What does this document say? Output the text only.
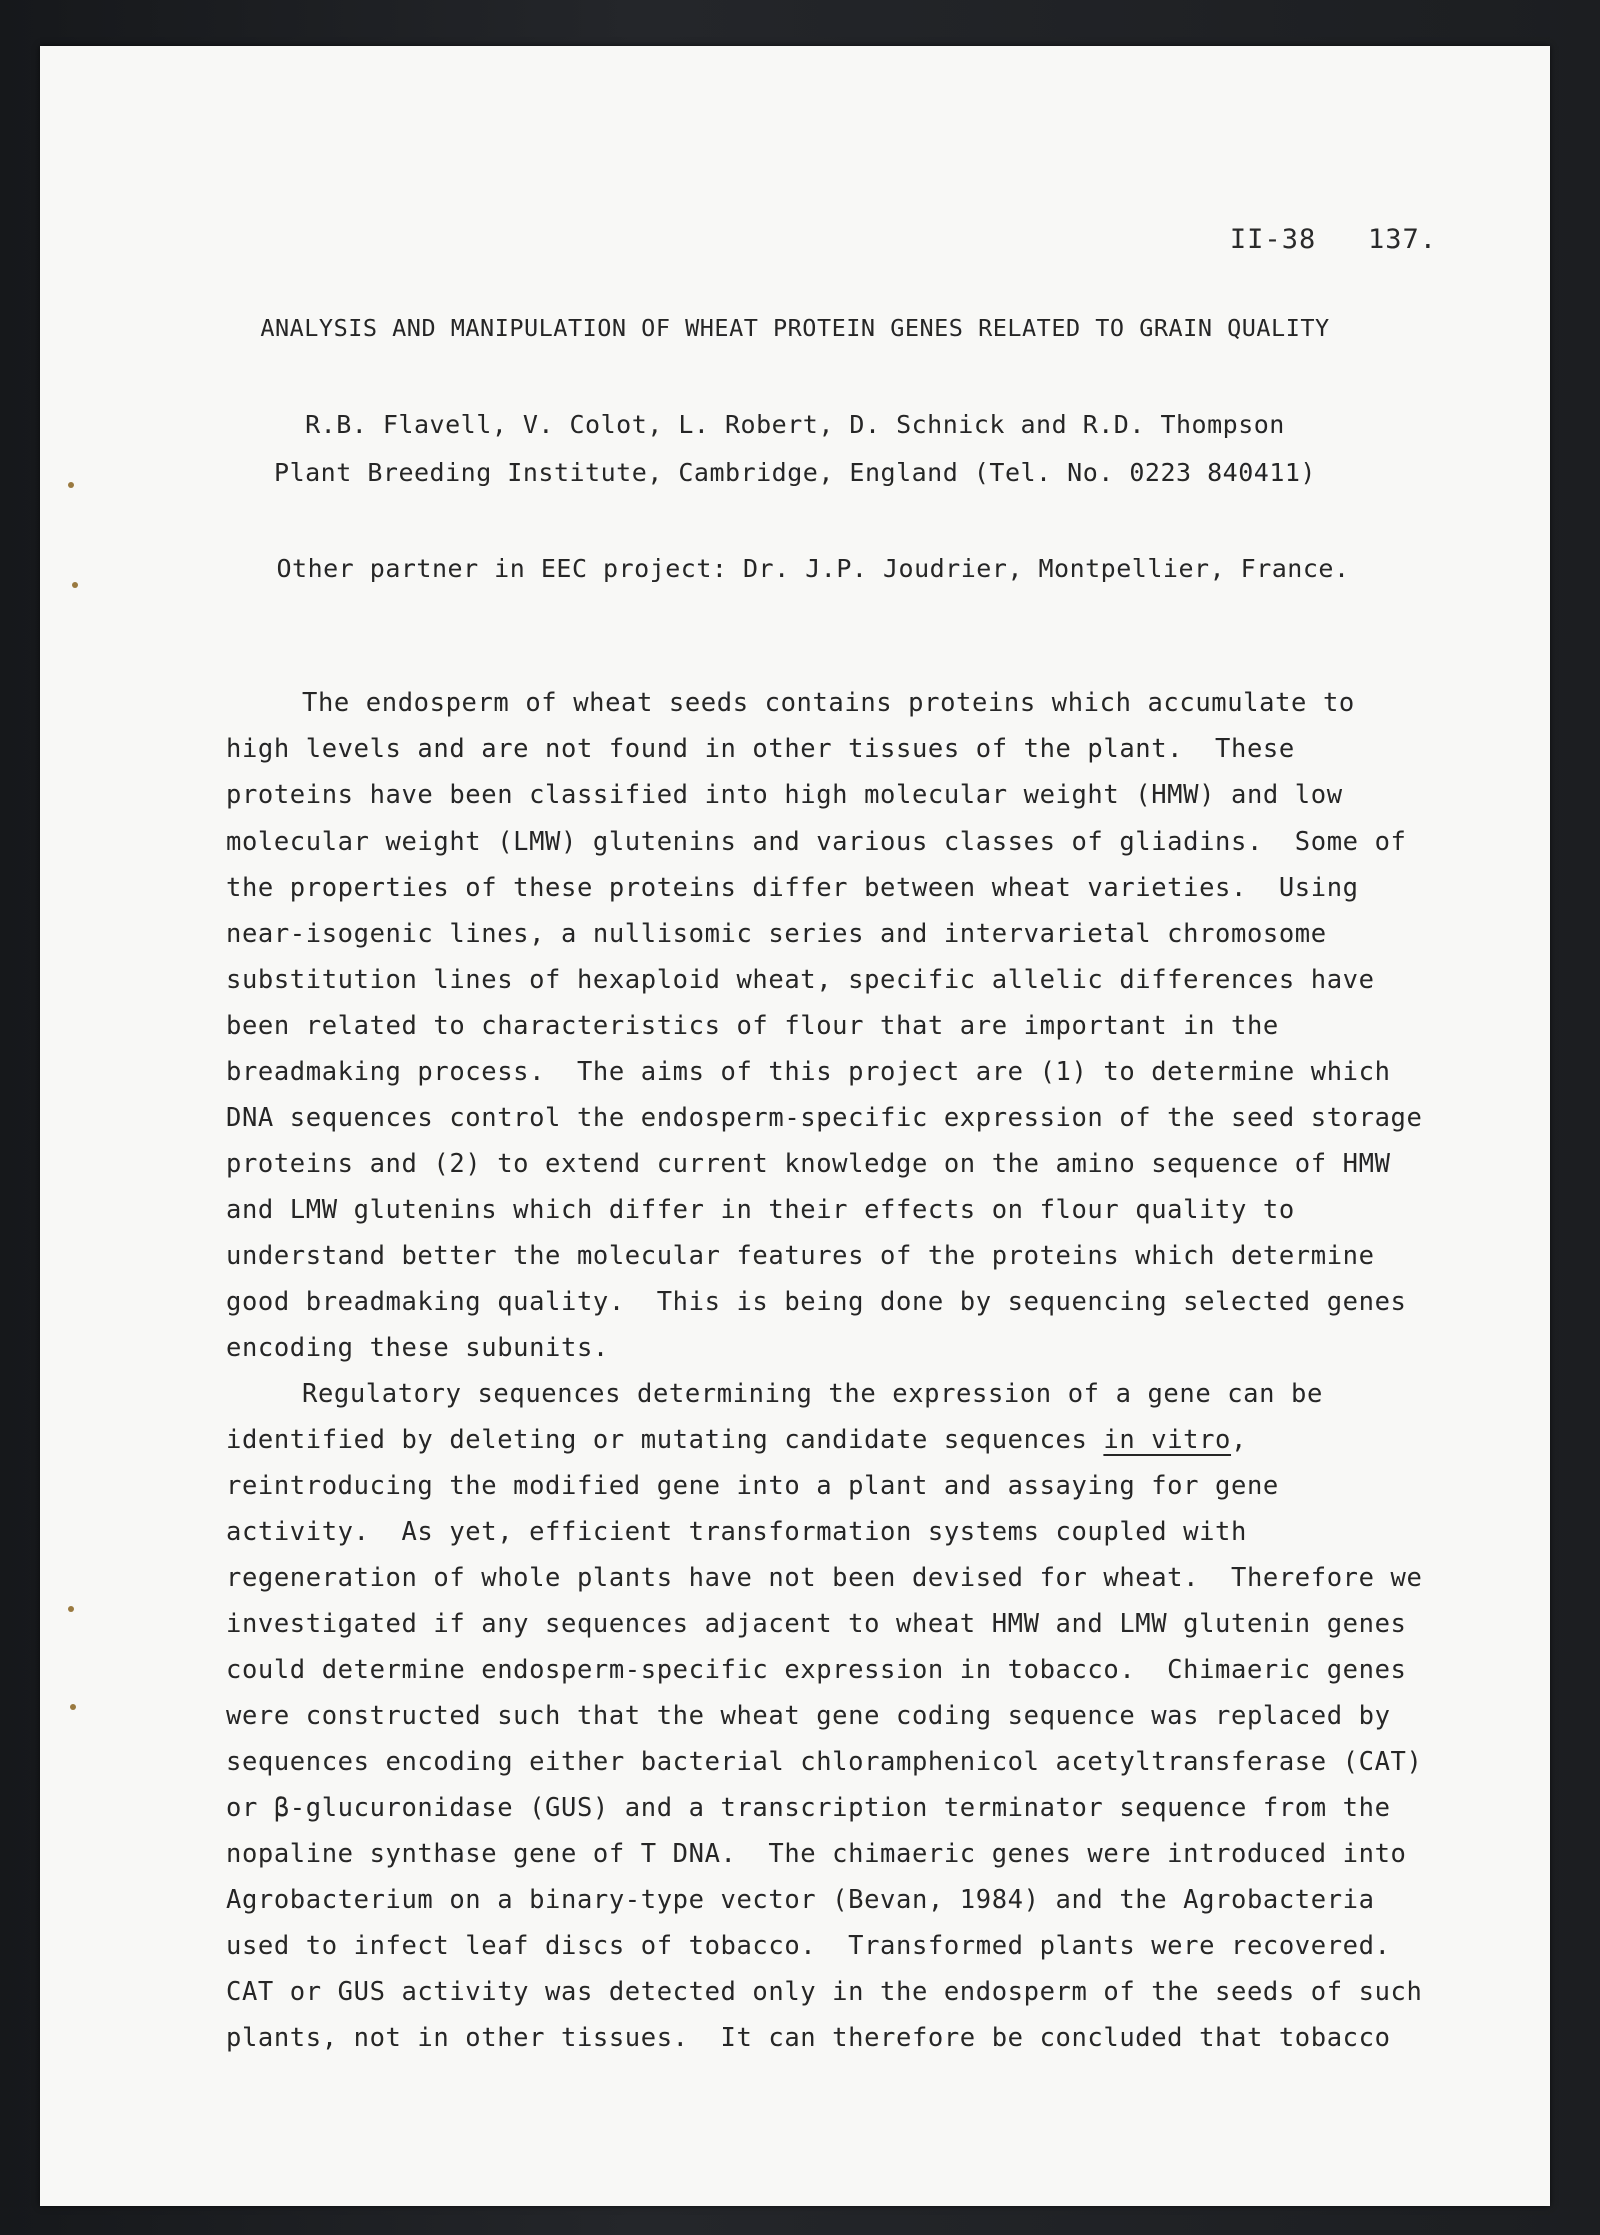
II-38   137.
ANALYSIS AND MANIPULATION OF WHEAT PROTEIN GENES RELATED TO GRAIN QUALITY
R.B. Flavell, V. Colot, L. Robert, D. Schnick and R.D. Thompson
Plant Breeding Institute, Cambridge, England (Tel. No. 0223 840411)
Other partner in EEC project: Dr. J.P. Joudrier, Montpellier, France.
The endosperm of wheat seeds contains proteins which accumulate to
high levels and are not found in other tissues of the plant.  These
proteins have been classified into high molecular weight (HMW) and low
molecular weight (LMW) glutenins and various classes of gliadins.  Some of
the properties of these proteins differ between wheat varieties.  Using
near-isogenic lines, a nullisomic series and intervarietal chromosome
substitution lines of hexaploid wheat, specific allelic differences have
been related to characteristics of flour that are important in the
breadmaking process.  The aims of this project are (1) to determine which
DNA sequences control the endosperm-specific expression of the seed storage
proteins and (2) to extend current knowledge on the amino sequence of HMW
and LMW glutenins which differ in their effects on flour quality to
understand better the molecular features of the proteins which determine
good breadmaking quality.  This is being done by sequencing selected genes
encoding these subunits.
Regulatory sequences determining the expression of a gene can be
identified by deleting or mutating candidate sequences in vitro,
reintroducing the modified gene into a plant and assaying for gene
activity.  As yet, efficient transformation systems coupled with
regeneration of whole plants have not been devised for wheat.  Therefore we
investigated if any sequences adjacent to wheat HMW and LMW glutenin genes
could determine endosperm-specific expression in tobacco.  Chimaeric genes
were constructed such that the wheat gene coding sequence was replaced by
sequences encoding either bacterial chloramphenicol acetyltransferase (CAT)
or β-glucuronidase (GUS) and a transcription terminator sequence from the
nopaline synthase gene of T DNA.  The chimaeric genes were introduced into
Agrobacterium on a binary-type vector (Bevan, 1984) and the Agrobacteria
used to infect leaf discs of tobacco.  Transformed plants were recovered.
CAT or GUS activity was detected only in the endosperm of the seeds of such
plants, not in other tissues.  It can therefore be concluded that tobacco
